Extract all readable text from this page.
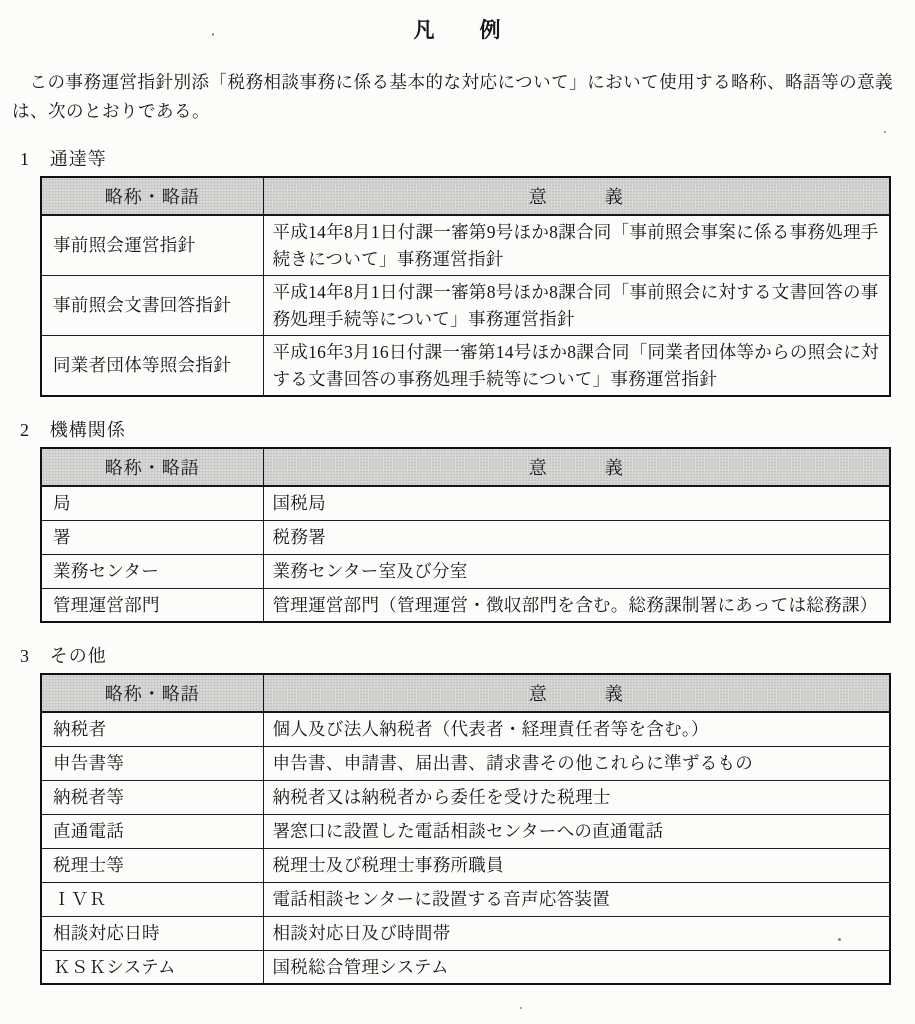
凡　　例

この事務運営指針別添「税務相談事務に係る基本的な対応について」において使用する略称、略語等の意義は、次のとおりである。

1 通達等
略称・略語	意　　　義
事前照会運営指針	平成14年8月1日付課一審第9号ほか8課合同「事前照会事案に係る事務処理手続きについて」事務運営指針
事前照会文書回答指針	平成14年8月1日付課一審第8号ほか8課合同「事前照会に対する文書回答の事務処理手続等について」事務運営指針
同業者団体等照会指針	平成16年3月16日付課一審第14号ほか8課合同「同業者団体等からの照会に対する文書回答の事務処理手続等について」事務運営指針
2 機構関係
略称・略語	意　　　義
局	国税局
署	税務署
業務センター	業務センター室及び分室
管理運営部門	管理運営部門（管理運営・徴収部門を含む。総務課制署にあっては総務課）
3 その他
略称・略語	意　　　義
納税者	個人及び法人納税者（代表者・経理責任者等を含む。）
申告書等	申告書、申請書、届出書、請求書その他これらに準ずるもの
納税者等	納税者又は納税者から委任を受けた税理士
直通電話	署窓口に設置した電話相談センターへの直通電話
税理士等	税理士及び税理士事務所職員
ＩＶＲ	電話相談センターに設置する音声応答装置
相談対応日時	相談対応日及び時間帯
ＫＳＫシステム	国税総合管理システム
